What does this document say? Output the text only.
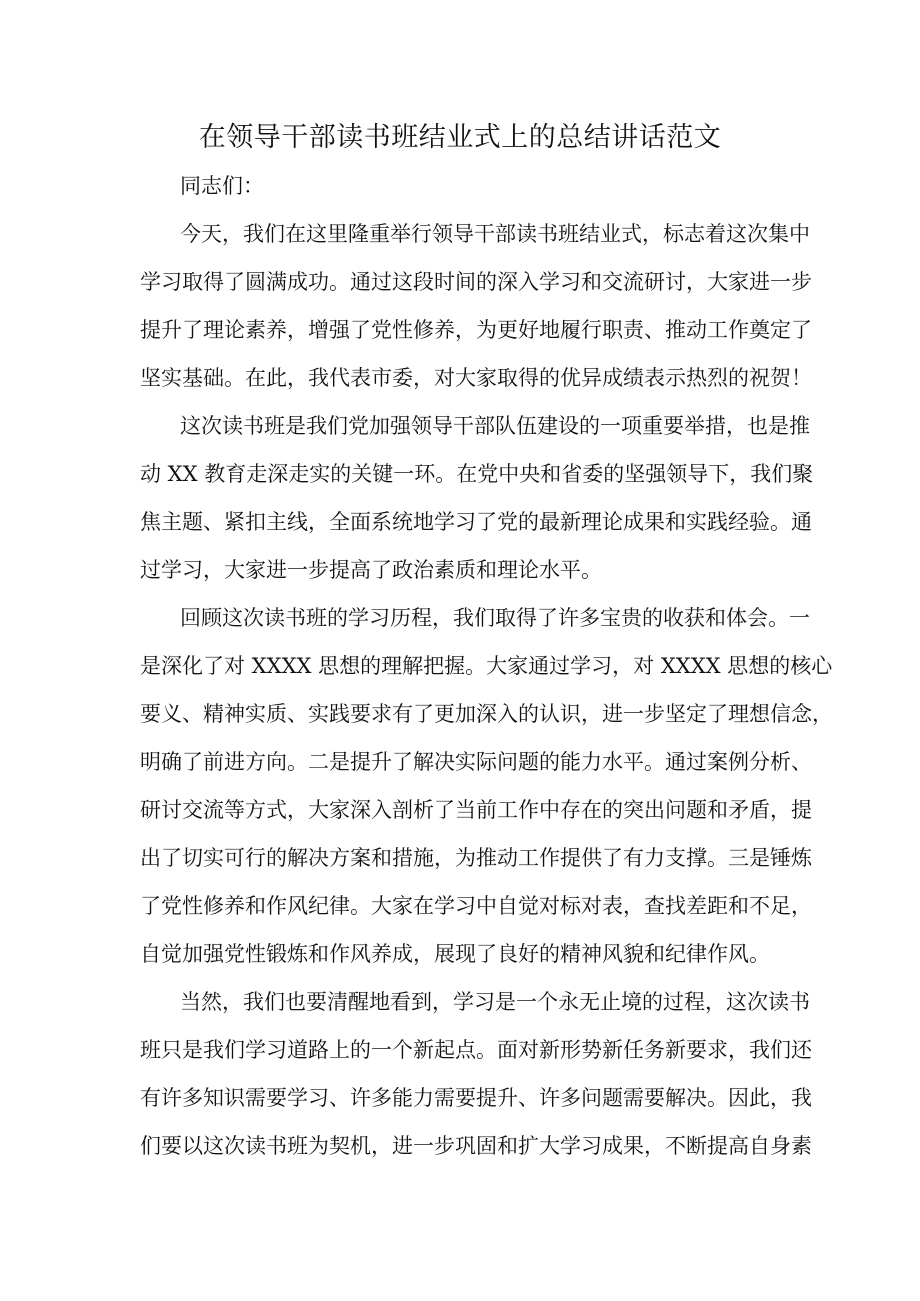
在领导干部读书班结业式上的总结讲话范文
同志们：
今天，我们在这里隆重举行领导干部读书班结业式，标志着这次集中
学习取得了圆满成功。通过这段时间的深入学习和交流研讨，大家进一步
提升了理论素养，增强了党性修养，为更好地履行职责、推动工作奠定了
坚实基础。在此，我代表市委，对大家取得的优异成绩表示热烈的祝贺！
这次读书班是我们党加强领导干部队伍建设的一项重要举措，也是推
动 XX 教育走深走实的关键一环。在党中央和省委的坚强领导下，我们聚
焦主题、紧扣主线，全面系统地学习了党的最新理论成果和实践经验。通
过学习，大家进一步提高了政治素质和理论水平。
回顾这次读书班的学习历程，我们取得了许多宝贵的收获和体会。一
是深化了对 XXXX 思想的理解把握。大家通过学习，对 XXXX 思想的核心
要义、精神实质、实践要求有了更加深入的认识，进一步坚定了理想信念，
明确了前进方向。二是提升了解决实际问题的能力水平。通过案例分析、
研讨交流等方式，大家深入剖析了当前工作中存在的突出问题和矛盾，提
出了切实可行的解决方案和措施，为推动工作提供了有力支撑。三是锤炼
了党性修养和作风纪律。大家在学习中自觉对标对表，查找差距和不足，
自觉加强党性锻炼和作风养成，展现了良好的精神风貌和纪律作风。
当然，我们也要清醒地看到，学习是一个永无止境的过程，这次读书
班只是我们学习道路上的一个新起点。面对新形势新任务新要求，我们还
有许多知识需要学习、许多能力需要提升、许多问题需要解决。因此，我
们要以这次读书班为契机，进一步巩固和扩大学习成果，不断提高自身素
